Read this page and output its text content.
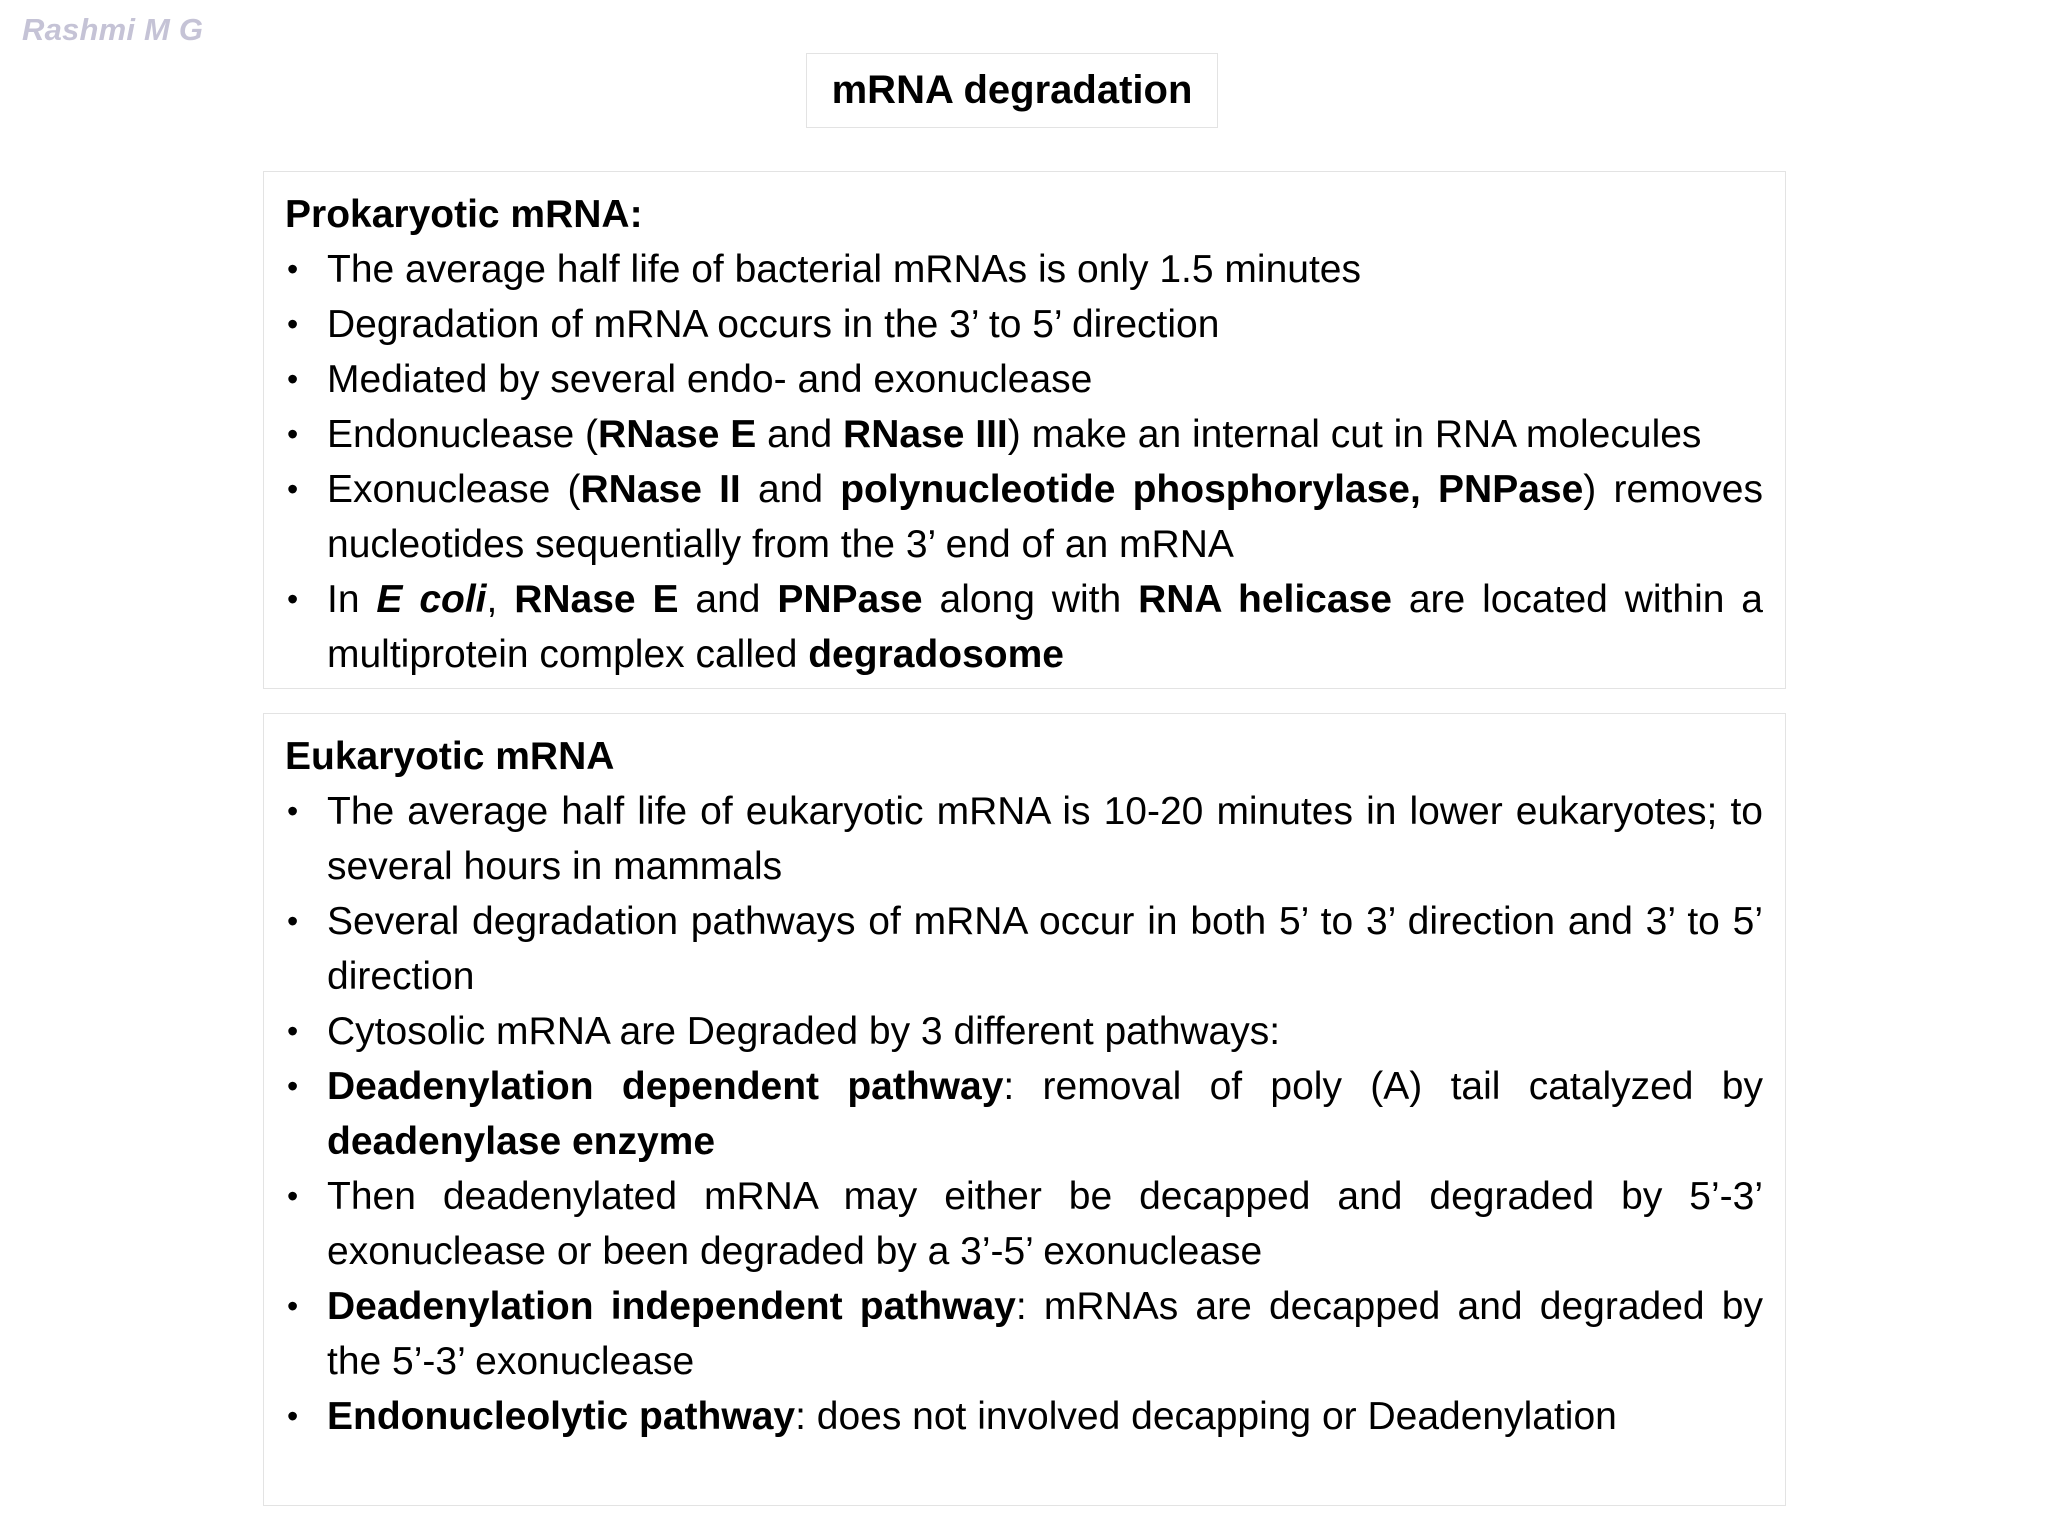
Rashmi M G
mRNA degradation
Prokaryotic mRNA:
• The average half life of bacterial mRNAs is only 1.5 minutes
• Degradation of mRNA occurs in the 3’ to 5’ direction
• Mediated by several endo- and exonuclease
• Endonuclease (RNase E and RNase III) make an internal cut in RNA molecules
• Exonuclease (RNase II and polynucleotide phosphorylase, PNPase) removes nucleotides sequentially from the 3’ end of an mRNA
• In E coli, RNase E and PNPase along with RNA helicase are located within a multiprotein complex called degradosome
Eukaryotic mRNA
• The average half life of eukaryotic mRNA is 10-20 minutes in lower eukaryotes; to several hours in mammals
• Several degradation pathways of mRNA occur in both 5’ to 3’ direction and 3’ to 5’ direction
• Cytosolic mRNA are Degraded by 3 different pathways:
• Deadenylation dependent pathway: removal of poly (A) tail catalyzed by deadenylase enzyme
• Then deadenylated mRNA may either be decapped and degraded by 5’-3’ exonuclease or been degraded by a 3’-5’ exonuclease
• Deadenylation independent pathway: mRNAs are decapped and degraded by the 5’-3’ exonuclease
• Endonucleolytic pathway: does not involved decapping or Deadenylation
